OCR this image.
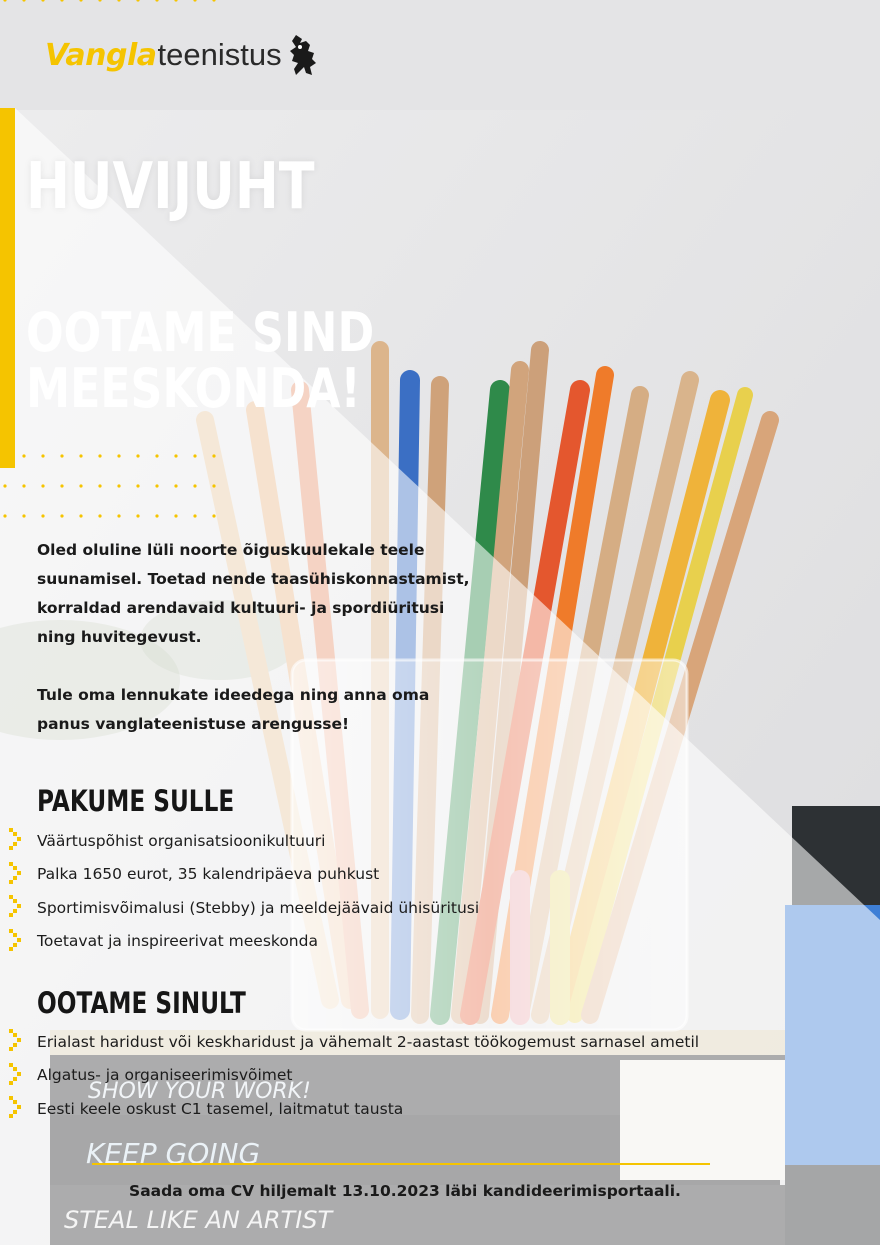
Vangla teenistus
HUVIJUHT
OOTAME SIND
MEESKONDA!

Oled oluline lüli noorte õiguskuulekale teele suunamisel. Toetad nende taasühiskonnastamist, korraldad arendavaid kultuuri- ja spordiüritusi ning huvitegevust.

Tule oma lennukate ideedega ning anna oma panus vanglateenistuse arengusse!

PAKUME SULLE
Väärtuspõhist organisatsioonikultuuri
Palka 1650 eurot, 35 kalendripäeva puhkust
Sportimisvõimalusi (Stebby) ja meeldejäävaid ühisüritusi
Toetavat ja inspireerivat meeskonda
OOTAME SINULT
Erialast haridust või keskharidust ja vähemalt 2-aastast töökogemust sarnasel ametil
Algatus- ja organiseerimisvõimet
Eesti keele oskust C1 tasemel, laitmatut tausta
Saada oma CV hiljemalt 13.10.2023 läbi kandideerimisportaali.
